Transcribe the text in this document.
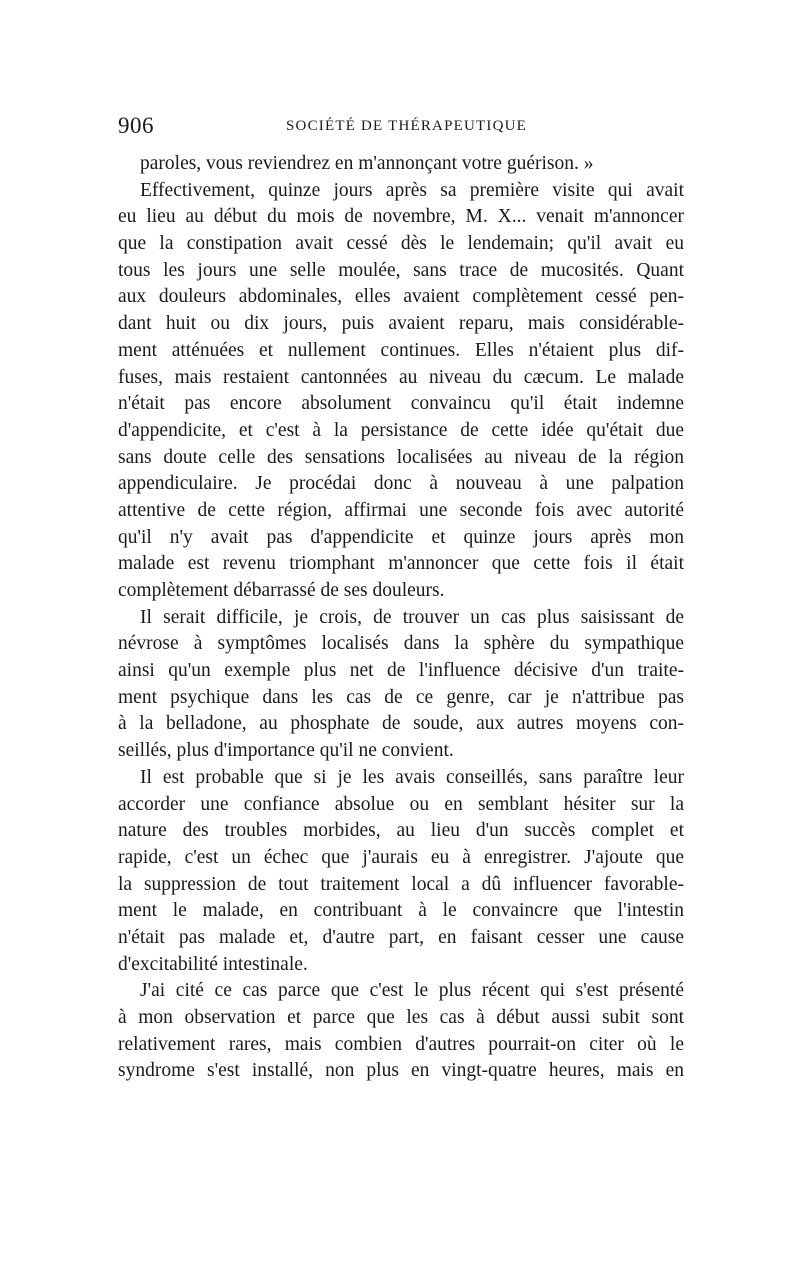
906	SOCIÉTÉ DE THÉRAPEUTIQUE
paroles, vous reviendrez en m'annonçant votre guérison. »
Effectivement, quinze jours après sa première visite qui avait
eu lieu au début du mois de novembre, M. X... venait m'annoncer
que la constipation avait cessé dès le lendemain; qu'il avait eu
tous les jours une selle moulée, sans trace de mucosités. Quant
aux douleurs abdominales, elles avaient complètement cessé pen-
dant huit ou dix jours, puis avaient reparu, mais considérable-
ment atténuées et nullement continues. Elles n'étaient plus dif-
fuses, mais restaient cantonnées au niveau du cæcum. Le malade
n'était pas encore absolument convaincu qu'il était indemne
d'appendicite, et c'est à la persistance de cette idée qu'était due
sans doute celle des sensations localisées au niveau de la région
appendiculaire. Je procédai donc à nouveau à une palpation
attentive de cette région, affirmai une seconde fois avec autorité
qu'il n'y avait pas d'appendicite et quinze jours après mon
malade est revenu triomphant m'annoncer que cette fois il était
complètement débarrassé de ses douleurs.
Il serait difficile, je crois, de trouver un cas plus saisissant de
névrose à symptômes localisés dans la sphère du sympathique
ainsi qu'un exemple plus net de l'influence décisive d'un traite-
ment psychique dans les cas de ce genre, car je n'attribue pas
à la belladone, au phosphate de soude, aux autres moyens con-
seillés, plus d'importance qu'il ne convient.
Il est probable que si je les avais conseillés, sans paraître leur
accorder une confiance absolue ou en semblant hésiter sur la
nature des troubles morbides, au lieu d'un succès complet et
rapide, c'est un échec que j'aurais eu à enregistrer. J'ajoute que
la suppression de tout traitement local a dû influencer favorable-
ment le malade, en contribuant à le convaincre que l'intestin
n'était pas malade et, d'autre part, en faisant cesser une cause
d'excitabilité intestinale.
J'ai cité ce cas parce que c'est le plus récent qui s'est présenté
à mon observation et parce que les cas à début aussi subit sont
relativement rares, mais combien d'autres pourrait-on citer où le
syndrome s'est installé, non plus en vingt-quatre heures, mais en
